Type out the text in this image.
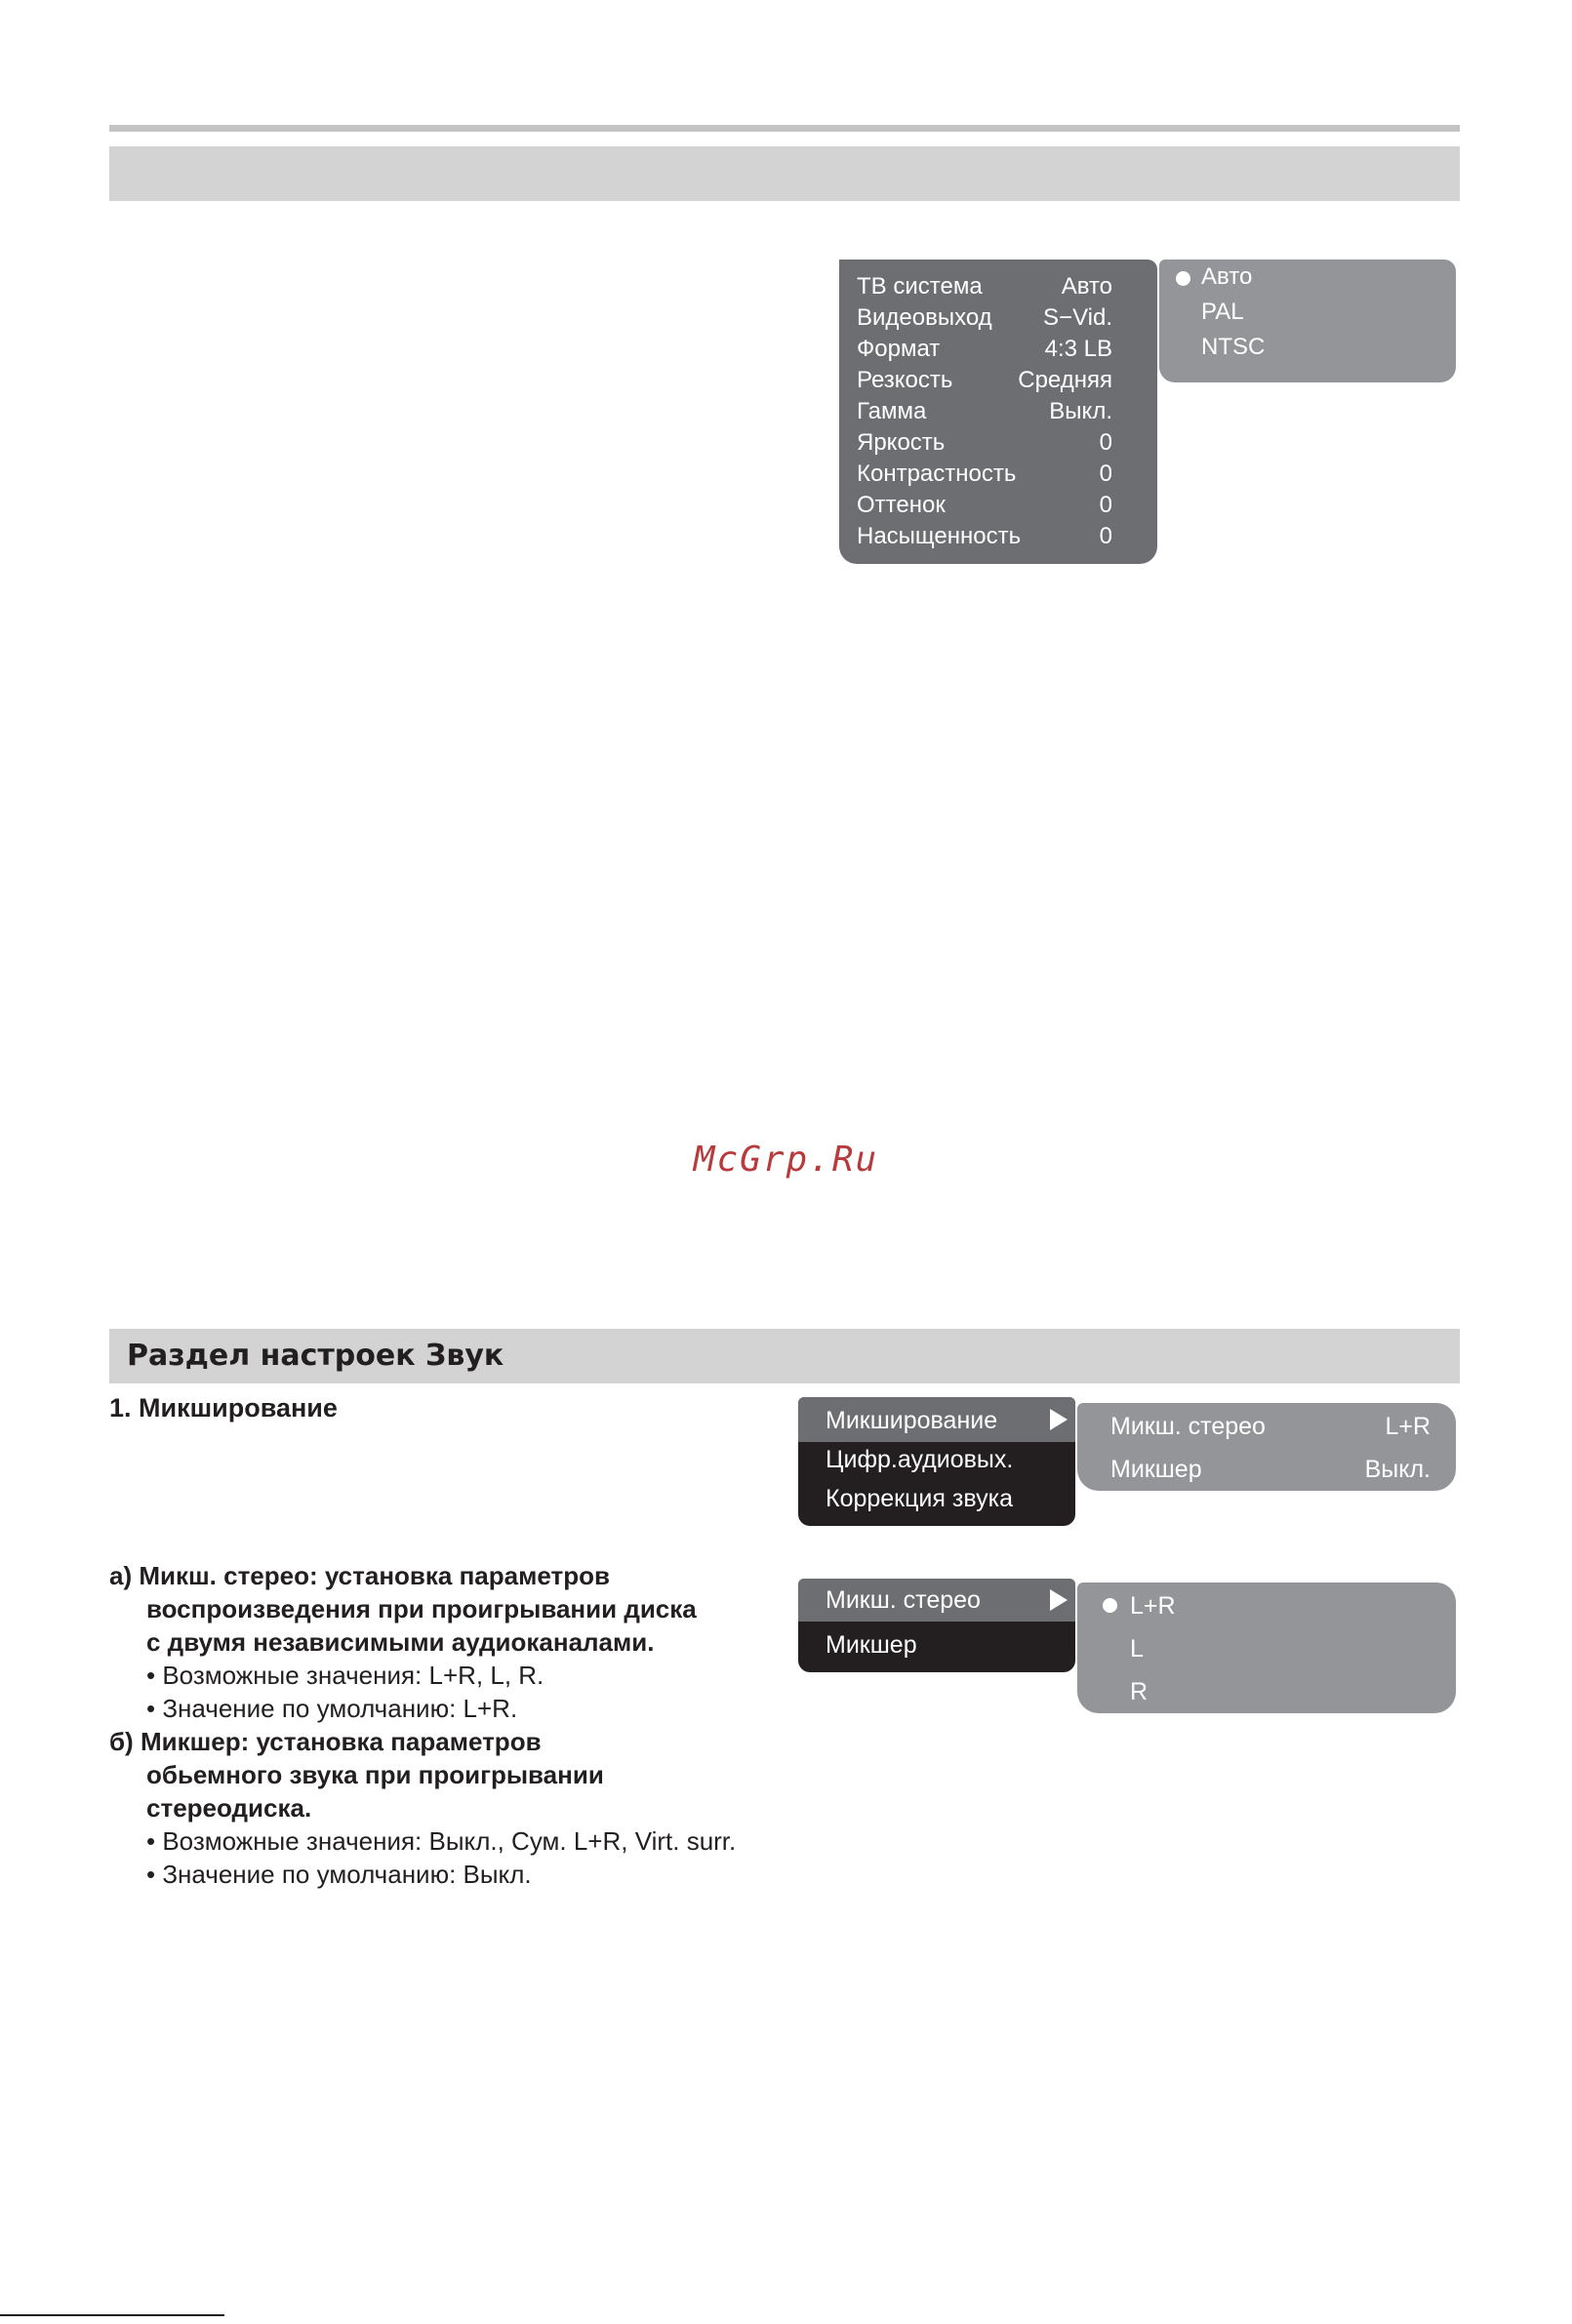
ТВ система	Авто
Видеовыход S−Vid.
Формат	4:3 LB
Резкость	Средняя
Гамма	Выкл.
Яркость	0
Контрастность	0
Оттенок	0
Насыщенность	0
Авто
PAL
NTSC
McGrp.Ru
Раздел настроек Звук
1. Микширование	Микширование
Цифр.аудиовых.
Коррекция звука
Микш. стерео	L+R
Микшер	Выкл.
Микш. стерео
Микшер
L+R
L
R
а) Микш. стерео: установка параметров
воспроизведения при проигрывании диска
с двумя независимыми аудиоканалами.
• Возможные значения: L+R, L, R.
• Значение по умолчанию: L+R.
б) Микшер: установка параметров
обьемного звука при проигрывании
стереодиска.
• Возможные значения: Выкл., Сум. L+R, Virt. surr.
• Значение по умолчанию: Выкл.
